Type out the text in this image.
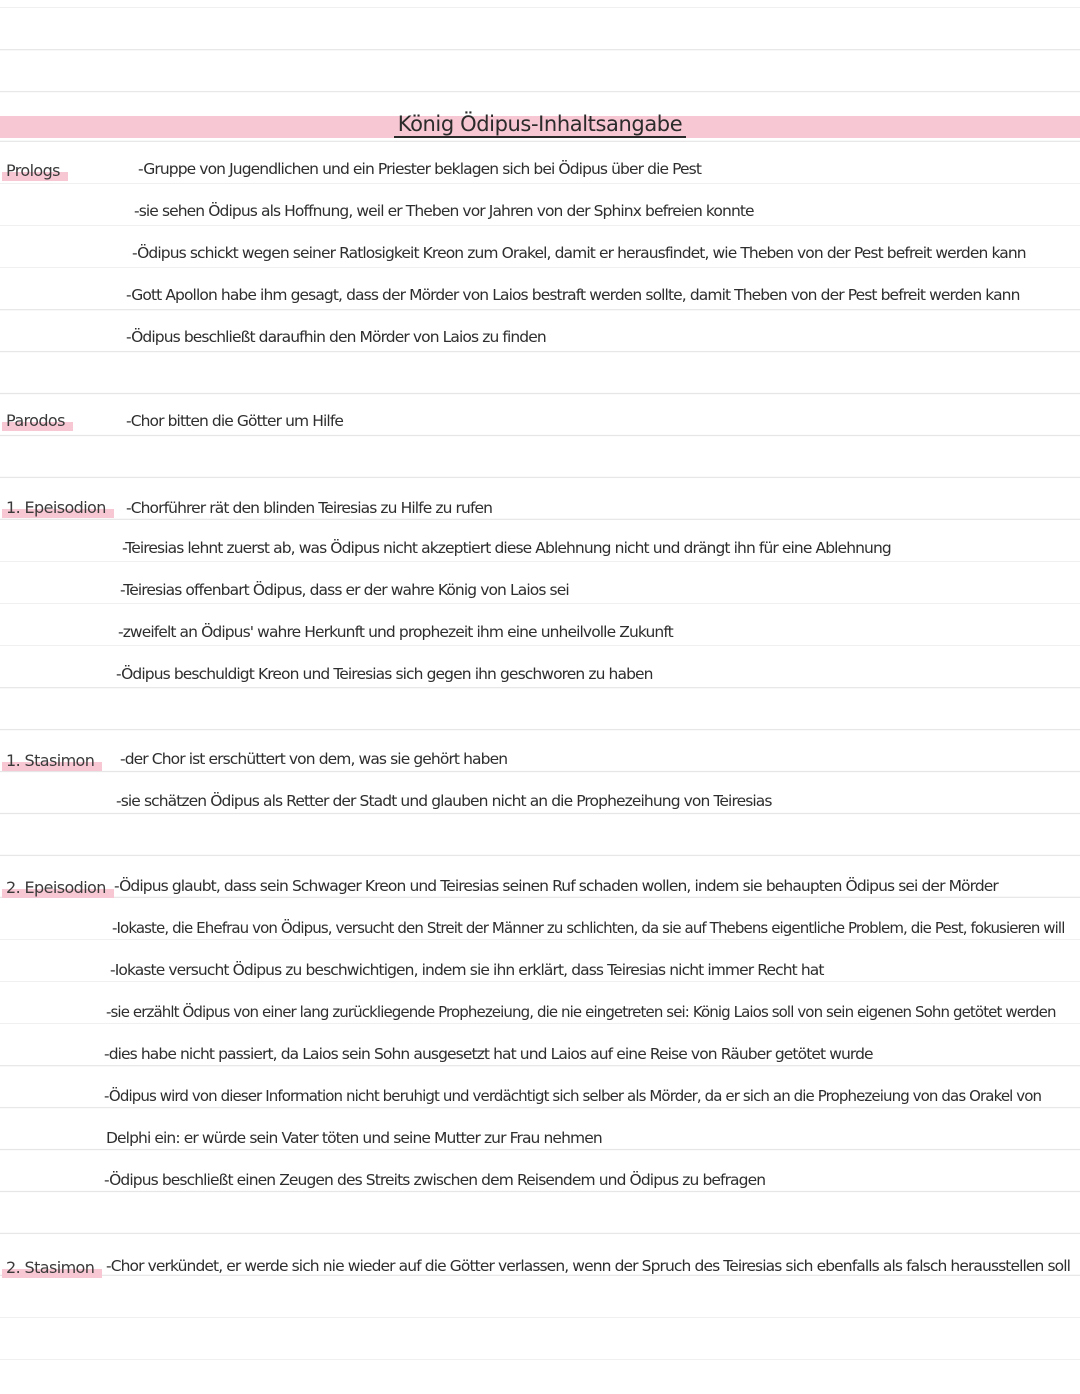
König Ödipus-Inhaltsangabe
Prologs	-Gruppe von Jugendlichen und ein Priester beklagen sich bei Ödipus über die Pest
-sie sehen Ödipus als Hoffnung, weil er Theben vor Jahren von der Sphinx befreien konnte
-Ödipus schickt wegen seiner Ratlosigkeit Kreon zum Orakel, damit er herausfindet, wie Theben von der Pest befreit werden kann
-Gott Apollon habe ihm gesagt, dass der Mörder von Laios bestraft werden sollte, damit Theben von der Pest befreit werden kann
-Ödipus beschließt daraufhin den Mörder von Laios zu finden
Parodos	-Chor bitten die Götter um Hilfe
1. Epeisodion	-Chorführer rät den blinden Teiresias zu Hilfe zu rufen
-Teiresias lehnt zuerst ab, was Ödipus nicht akzeptiert diese Ablehnung nicht und drängt ihn für eine Ablehnung
-Teiresias offenbart Ödipus, dass er der wahre König von Laios sei
-zweifelt an Ödipus' wahre Herkunft und prophezeit ihm eine unheilvolle Zukunft
-Ödipus beschuldigt Kreon und Teiresias sich gegen ihn geschworen zu haben
1. Stasimon	-der Chor ist erschüttert von dem, was sie gehört haben
-sie schätzen Ödipus als Retter der Stadt und glauben nicht an die Prophezeihung von Teiresias
2. Epeisodion -Ödipus glaubt, dass sein Schwager Kreon und Teiresias seinen Ruf schaden wollen, indem sie behaupten Ödipus sei der Mörder
-Iokaste, die Ehefrau von Ödipus, versucht den Streit der Männer zu schlichten, da sie auf Thebens eigentliche Problem, die Pest, fokusieren will
-Iokaste versucht Ödipus zu beschwichtigen, indem sie ihn erklärt, dass Teiresias nicht immer Recht hat
-sie erzählt Ödipus von einer lang zurückliegende Prophezeiung, die nie eingetreten sei: König Laios soll von sein eigenen Sohn getötet werden
-dies habe nicht passiert, da Laios sein Sohn ausgesetzt hat und Laios auf eine Reise von Räuber getötet wurde
-Ödipus wird von dieser Information nicht beruhigt und verdächtigt sich selber als Mörder, da er sich an die Prophezeiung von das Orakel von
Delphi ein: er würde sein Vater töten und seine Mutter zur Frau nehmen
-Ödipus beschließt einen Zeugen des Streits zwischen dem Reisendem und Ödipus zu befragen
2. Stasimon -Chor verkündet, er werde sich nie wieder auf die Götter verlassen, wenn der Spruch des Teiresias sich ebenfalls als falsch herausstellen soll
